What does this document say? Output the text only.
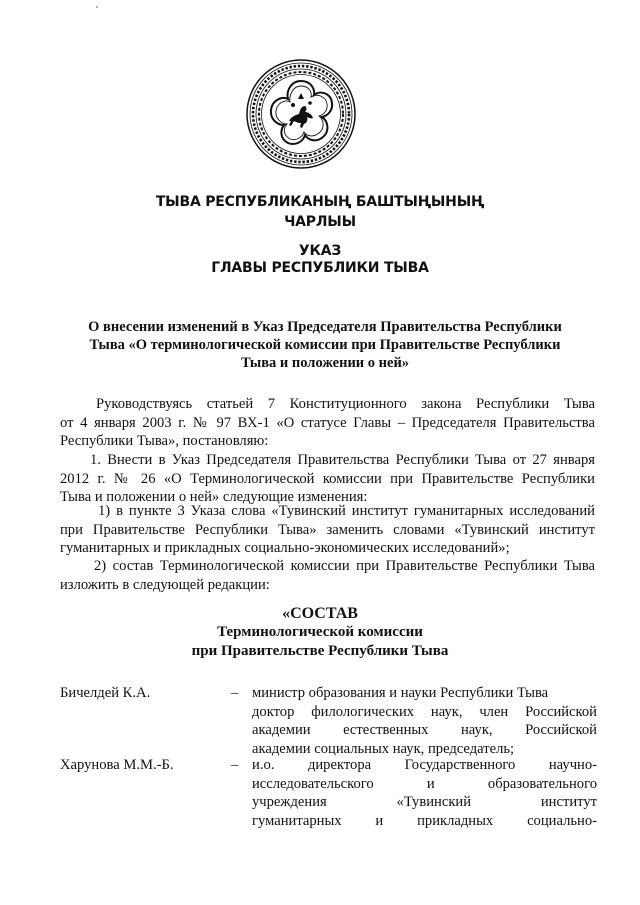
ТЫВА РЕСПУБЛИКАНЫҢ БАШТЫҢЫНЫҢ
ЧАРЛЫЫ
УКАЗ
ГЛАВЫ РЕСПУБЛИКИ ТЫВА
О внесении изменений в Указ Председателя Правительства Республики
Тыва «О терминологической комиссии при Правительстве Республики
Тыва и положении о ней»
Руководствуясь статьей 7 Конституционного закона Республики Тыва
от 4 января 2003 г. № 97 ВХ-1 «О статусе Главы – Председателя Правительства
Республики Тыва», постановляю:
1. Внести в Указ Председателя Правительства Республики Тыва от 27 января
2012 г. № 26 «О Терминологической комиссии при Правительстве Республики
Тыва и положении о ней» следующие изменения:
1) в пункте 3 Указа слова «Тувинский институт гуманитарных исследований
при Правительстве Республики Тыва» заменить словами «Тувинский институт
гуманитарных и прикладных социально-экономических исследований»;
2) состав Терминологической комиссии при Правительстве Республики Тыва
изложить в следующей редакции:
«СОСТАВ
Терминологической комиссии
при Правительстве Республики Тыва
Бичелдей К.А.	– министр образования и науки Республики Тыва
доктор филологических наук, член Российской
академии естественных наук, Российской
академии социальных наук, председатель;
Харунова М.М.-Б.	– и.о. директора Государственного научно-
исследовательского и образовательного
учреждения «Тувинский институт
гуманитарных и прикладных социально-
